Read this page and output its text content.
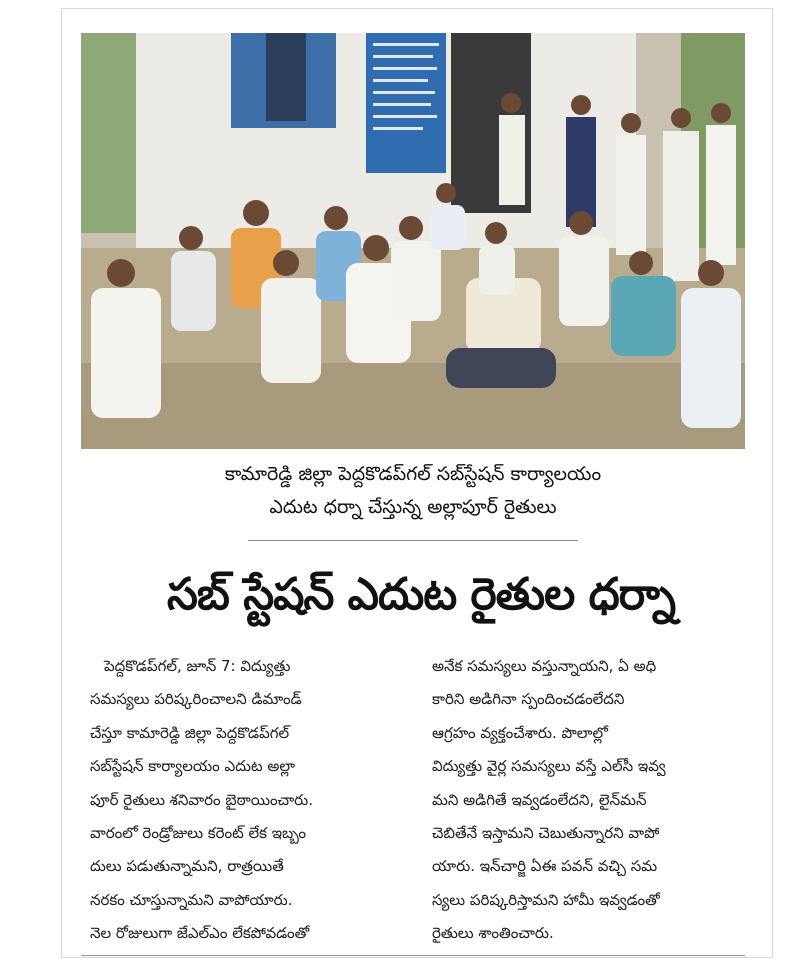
కామారెడ్డి జిల్లా పెద్దకొడప్‌గల్ సబ్‌స్టేషన్ కార్యాలయం
ఎదుట ధర్నా చేస్తున్న అల్లాపూర్ రైతులు
సబ్ స్టేషన్ ఎదుట రైతుల ధర్నా
పెద్దకొడప్‌గల్, జూన్ 7: విద్యుత్తు
సమస్యలు పరిష్కరించాలని డిమాండ్
చేస్తూ కామారెడ్డి జిల్లా పెద్దకొడప్‌గల్
సబ్‌స్టేషన్ కార్యాలయం ఎదుట అల్లా
పూర్ రైతులు శనివారం బైఠాయించారు.
వారంలో రెండ్రోజులు కరెంట్ లేక ఇబ్బం
దులు పడుతున్నామని, రాత్రయితే
నరకం చూస్తున్నామని వాపోయారు.
నెల రోజులుగా జేఎల్ఎం లేకపోవడంతో
అనేక సమస్యలు వస్తున్నాయని, ఏ అధి
కారిని అడిగినా స్పందించడంలేదని
ఆగ్రహం వ్యక్తంచేశారు. పొలాల్లో
విద్యుత్తు వైర్ల సమస్యలు వస్తే ఎల్‌సీ ఇవ్వ
మని అడిగితే ఇవ్వడంలేదని, లైన్‌మన్
చెబితేనే ఇస్తామని చెబుతున్నారని వాపో
యారు. ఇన్‌చార్జి ఏఈ పవన్ వచ్చి సమ
స్యలు పరిష్కరిస్తామని హామీ ఇవ్వడంతో
రైతులు శాంతించారు.
